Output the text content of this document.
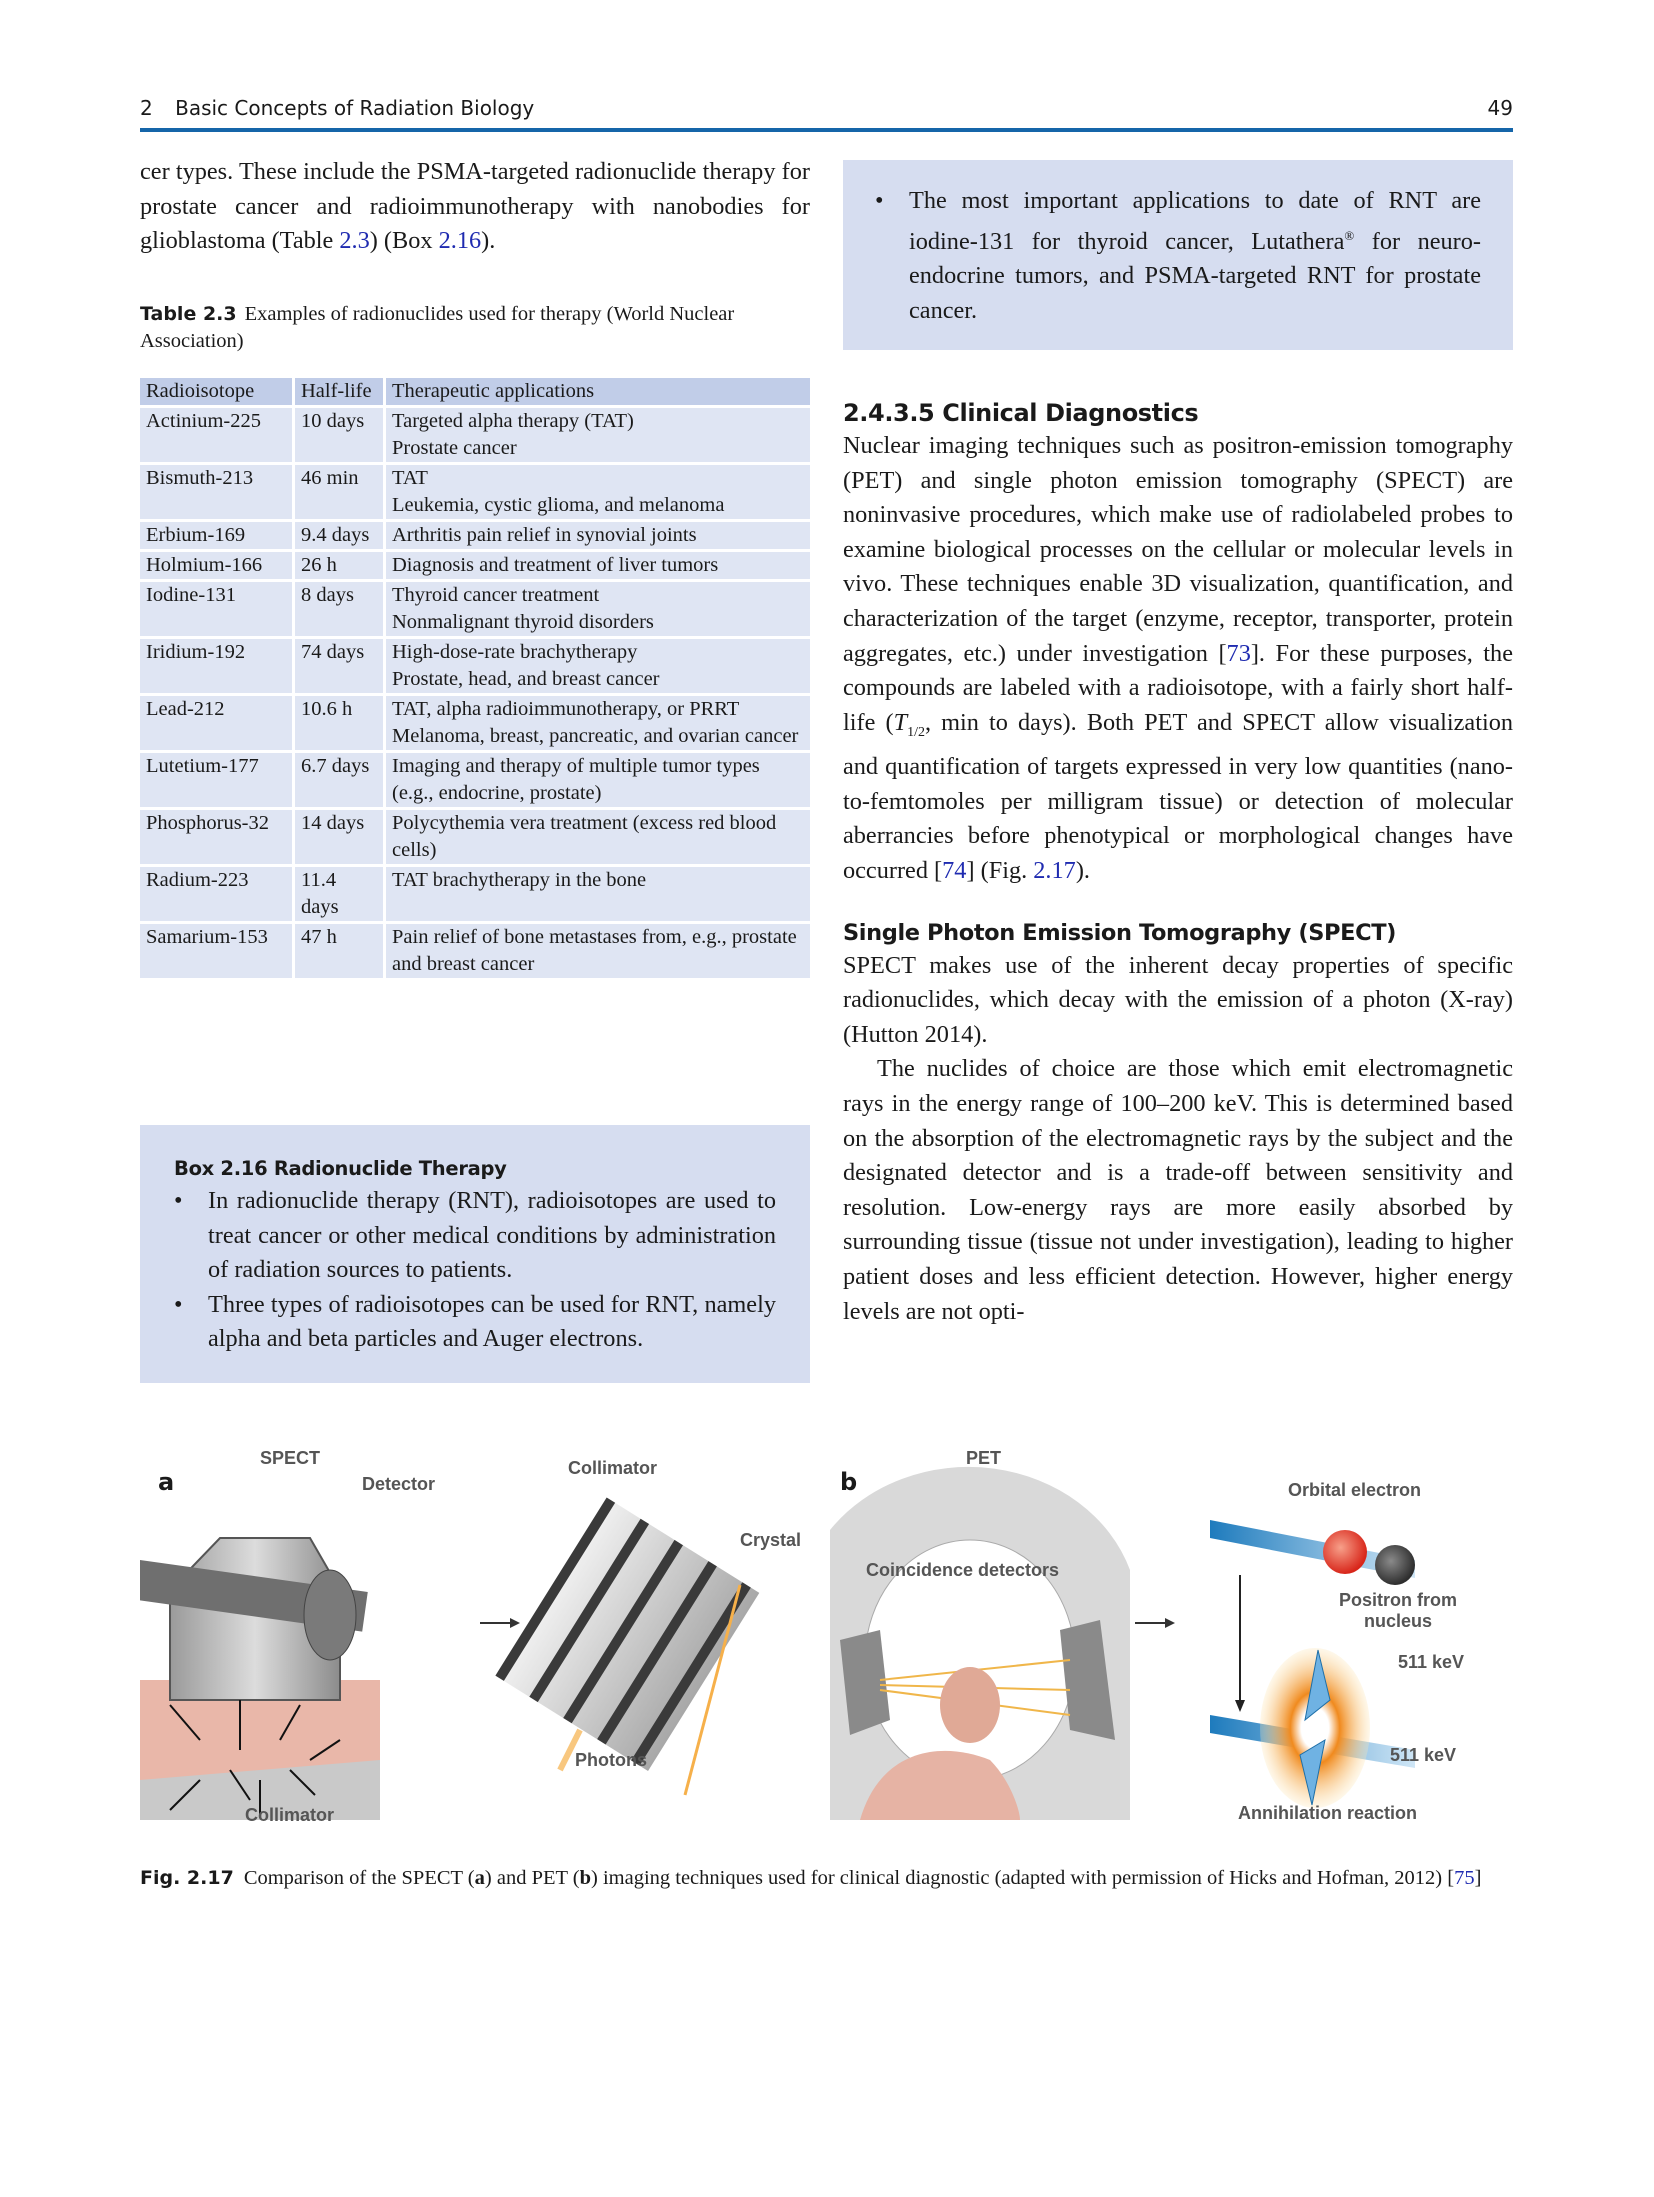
2 Basic Concepts of Radiation Biology	49

cer types. These include the PSMA-targeted radionuclide therapy for prostate cancer and radioimmunotherapy with nanobodies for glioblastoma (Table 2.3) (Box 2.16).

Table 2.3 Examples of radionuclides used for therapy (World Nuclear Association)
Radioisotope	Half-life	Therapeutic applications
Actinium-225	10 days	Targeted alpha therapy (TAT)
Prostate cancer

Bismuth-213	46 min	TAT
Leukemia, cystic glioma, and melanoma

Erbium-169	9.4 days	Arthritis pain relief in synovial joints

Holmium-166	26 h	Diagnosis and treatment of liver tumors

Iodine-131	8 days	Thyroid cancer treatment
Nonmalignant thyroid disorders

Iridium-192	74 days	High-dose-rate brachytherapy
Prostate, head, and breast cancer

Lead-212	10.6 h	TAT, alpha radioimmunotherapy, or PRRT
Melanoma, breast, pancreatic, and ovarian cancer

Lutetium-177	6.7 days	Imaging and therapy of multiple tumor types (e.g., endocrine, prostate)

Phosphorus-32	14 days	Polycythemia vera treatment (excess red blood cells)

Radium-223	11.4 days	TAT brachytherapy in the bone

Samarium-153	47 h	Pain relief of bone metastases from, e.g., prostate and breast cancer
Box 2.16 Radionuclide Therapy
• In radionuclide therapy (RNT), radioisotopes are used to treat cancer or other medical conditions by administration of radiation sources to patients.
• Three types of radioisotopes can be used for RNT, namely alpha and beta particles and Auger electrons.
• The most important applications to date of RNT are iodine-131 for thyroid cancer, Lutathera® for neuroendocrine tumors, and PSMA-targeted RNT for prostate cancer.
2.4.3.5 Clinical Diagnostics

Nuclear imaging techniques such as positron-emission tomography (PET) and single photon emission tomography (SPECT) are noninvasive procedures, which make use of radiolabeled probes to examine biological processes on the cellular or molecular levels in vivo. These techniques enable 3D visualization, quantification, and characterization of the target (enzyme, receptor, transporter, protein aggregates, etc.) under investigation [73]. For these purposes, the compounds are labeled with a radioisotope, with a fairly short half-life ($T_{1/2}$, min to days). Both PET and SPECT allow visualization and quantification of targets expressed in very low quantities (nano-to-femtomoles per milligram tissue) or detection of molecular aberrancies before phenotypical or morphological changes have occurred [74] (Fig. 2.17).

Single Photon Emission Tomography (SPECT)

SPECT makes use of the inherent decay properties of specific radionuclides, which decay with the emission of a photon (X-ray) (Hutton 2014).

The nuclides of choice are those which emit electromagnetic rays in the energy range of 100–200 keV. This is determined based on the absorption of the electromagnetic rays by the subject and the designated detector and is a trade-off between sensitivity and resolution. Low-energy rays are more easily absorbed by surrounding tissue (tissue not under investigation), leading to higher patient doses and less efficient detection. However, higher energy levels are not opti-

a
SPECT
Detector
Collimator
Crystal
Photons
Collimator
b
PET
Coincidence detectors
Orbital electron
Positron from nucleus
511 keV
511 keV
Annihilation reaction
Fig. 2.17 Comparison of the SPECT (a) and PET (b) imaging techniques used for clinical diagnostic (adapted with permission of Hicks and Hofman, 2012) [75]
